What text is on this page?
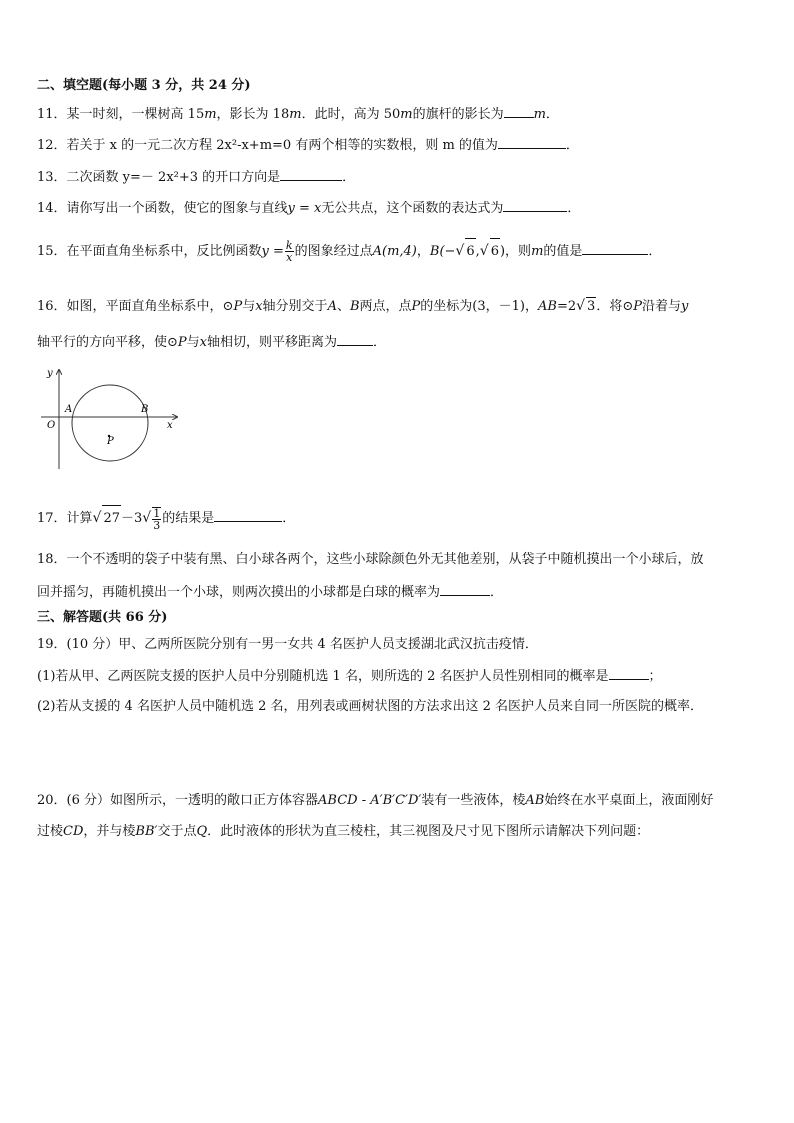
二、填空题(每小题 3 分，共 24 分)
11．某一时刻，一棵树高 15m，影长为 18m．此时，高为 50m的旗杆的影长为 m．
12．若关于 x 的一元二次方程 2x²-x+m=0 有两个相等的实数根，则 m 的值为	．
13．二次函数 y=－ 2x²+3 的开口方向是	．
14．请你写出一个函数，使它的图象与直线y = x无公共点，这个函数的表达式为	．
15．在平面直角坐标系中，反比例函数$y = \frac{k}{x}$ 的图象经过点A(m,4)，B(−√ 6,√ 6)，则m的值是	．
16．如图，平面直角坐标系中，⊙P与x轴分别交于A、B两点，点P的坐标为(3，－1)，AB=2√ 3．将⊙P沿着与y
轴平行的方向平移，使⊙P与x轴相切，则平移距离为	．
y
x
O
A	B
P
17．计算√ $27-3√ \frac{1}{3}$ 的结果是	．
18．一个不透明的袋子中装有黑、白小球各两个，这些小球除颜色外无其他差别，从袋子中随机摸出一个小球后，放
回并摇匀，再随机摸出一个小球，则两次摸出的小球都是白球的概率为	．
三、解答题(共 66 分)
19．(10 分）甲、乙两所医院分别有一男一女共 4 名医护人员支援湖北武汉抗击疫情．
(1)若从甲、乙两医院支援的医护人员中分别随机选 1 名，则所选的 2 名医护人员性别相同的概率是	；
(2)若从支援的 4 名医护人员中随机选 2 名，用列表或画树状图的方法求出这 2 名医护人员来自同一所医院的概率．
20．(6 分）如图所示，一透明的敞口正方体容器ABCD - A′B′C′D′装有一些液体，棱AB始终在水平桌面上，液面刚好
过棱CD，并与棱BB′交于点Q．此时液体的形状为直三棱柱，其三视图及尺寸见下图所示请解决下列问题：
